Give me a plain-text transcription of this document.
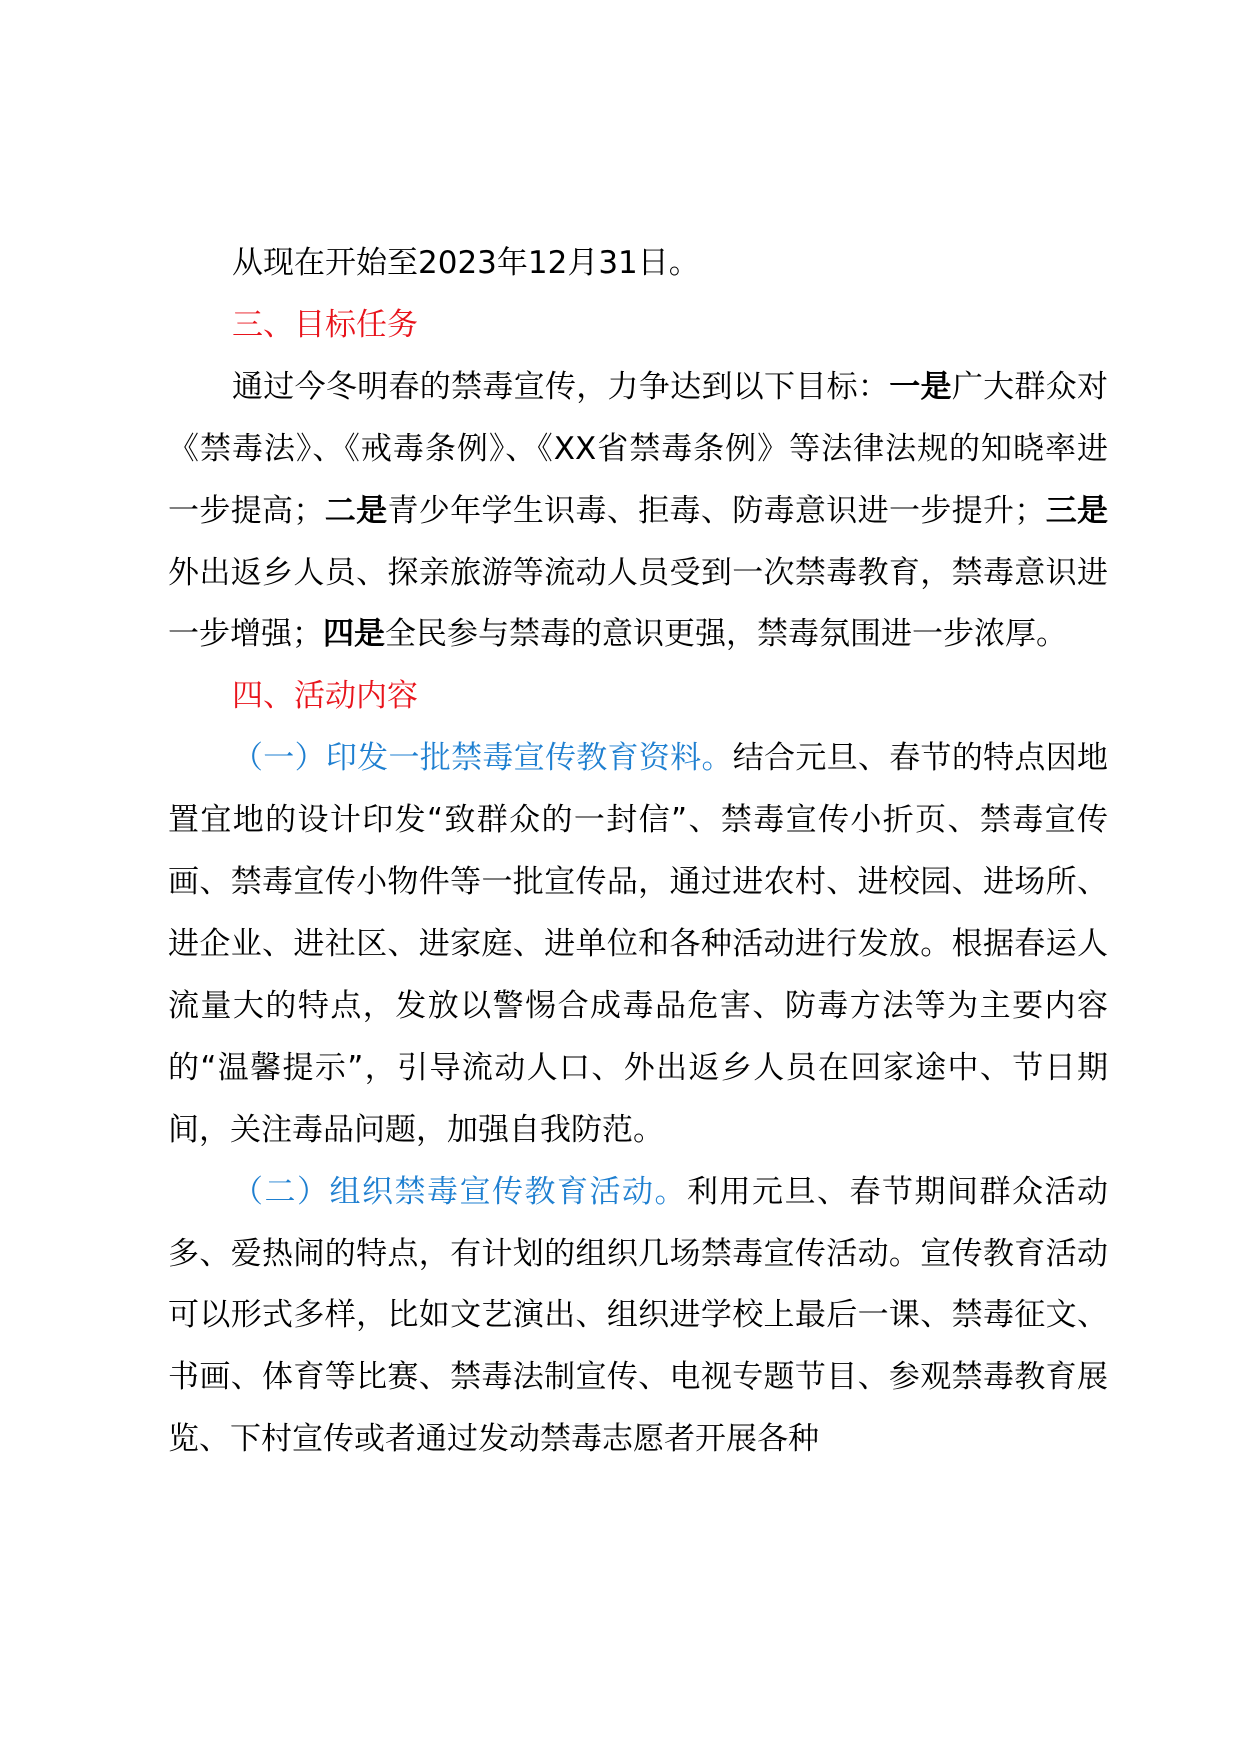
从现在开始至2023年12月31日。

三、目标任务

通过今冬明春的禁毒宣传，力争达到以下目标：一是广大群众对《禁毒法》、《戒毒条例》、《XX省禁毒条例》等法律法规的知晓率进一步提高；二是青少年学生识毒、拒毒、防毒意识进一步提升；三是外出返乡人员、探亲旅游等流动人员受到一次禁毒教育，禁毒意识进一步增强；四是全民参与禁毒的意识更强，禁毒氛围进一步浓厚。

四、活动内容

（一）印发一批禁毒宣传教育资料。结合元旦、春节的特点因地置宜地的设计印发“致群众的一封信”、禁毒宣传小折页、禁毒宣传画、禁毒宣传小物件等一批宣传品，通过进农村、进校园、进场所、进企业、进社区、进家庭、进单位和各种活动进行发放。根据春运人流量大的特点，发放以警惕合成毒品危害、防毒方法等为主要内容的“温馨提示”，引导流动人口、外出返乡人员在回家途中、节日期间，关注毒品问题，加强自我防范。

（二）组织禁毒宣传教育活动。利用元旦、春节期间群众活动多、爱热闹的特点，有计划的组织几场禁毒宣传活动。宣传教育活动可以形式多样，比如文艺演出、组织进学校上最后一课、禁毒征文、书画、体育等比赛、禁毒法制宣传、电视专题节目、参观禁毒教育展览、下村宣传或者通过发动禁毒志愿者开展各种
